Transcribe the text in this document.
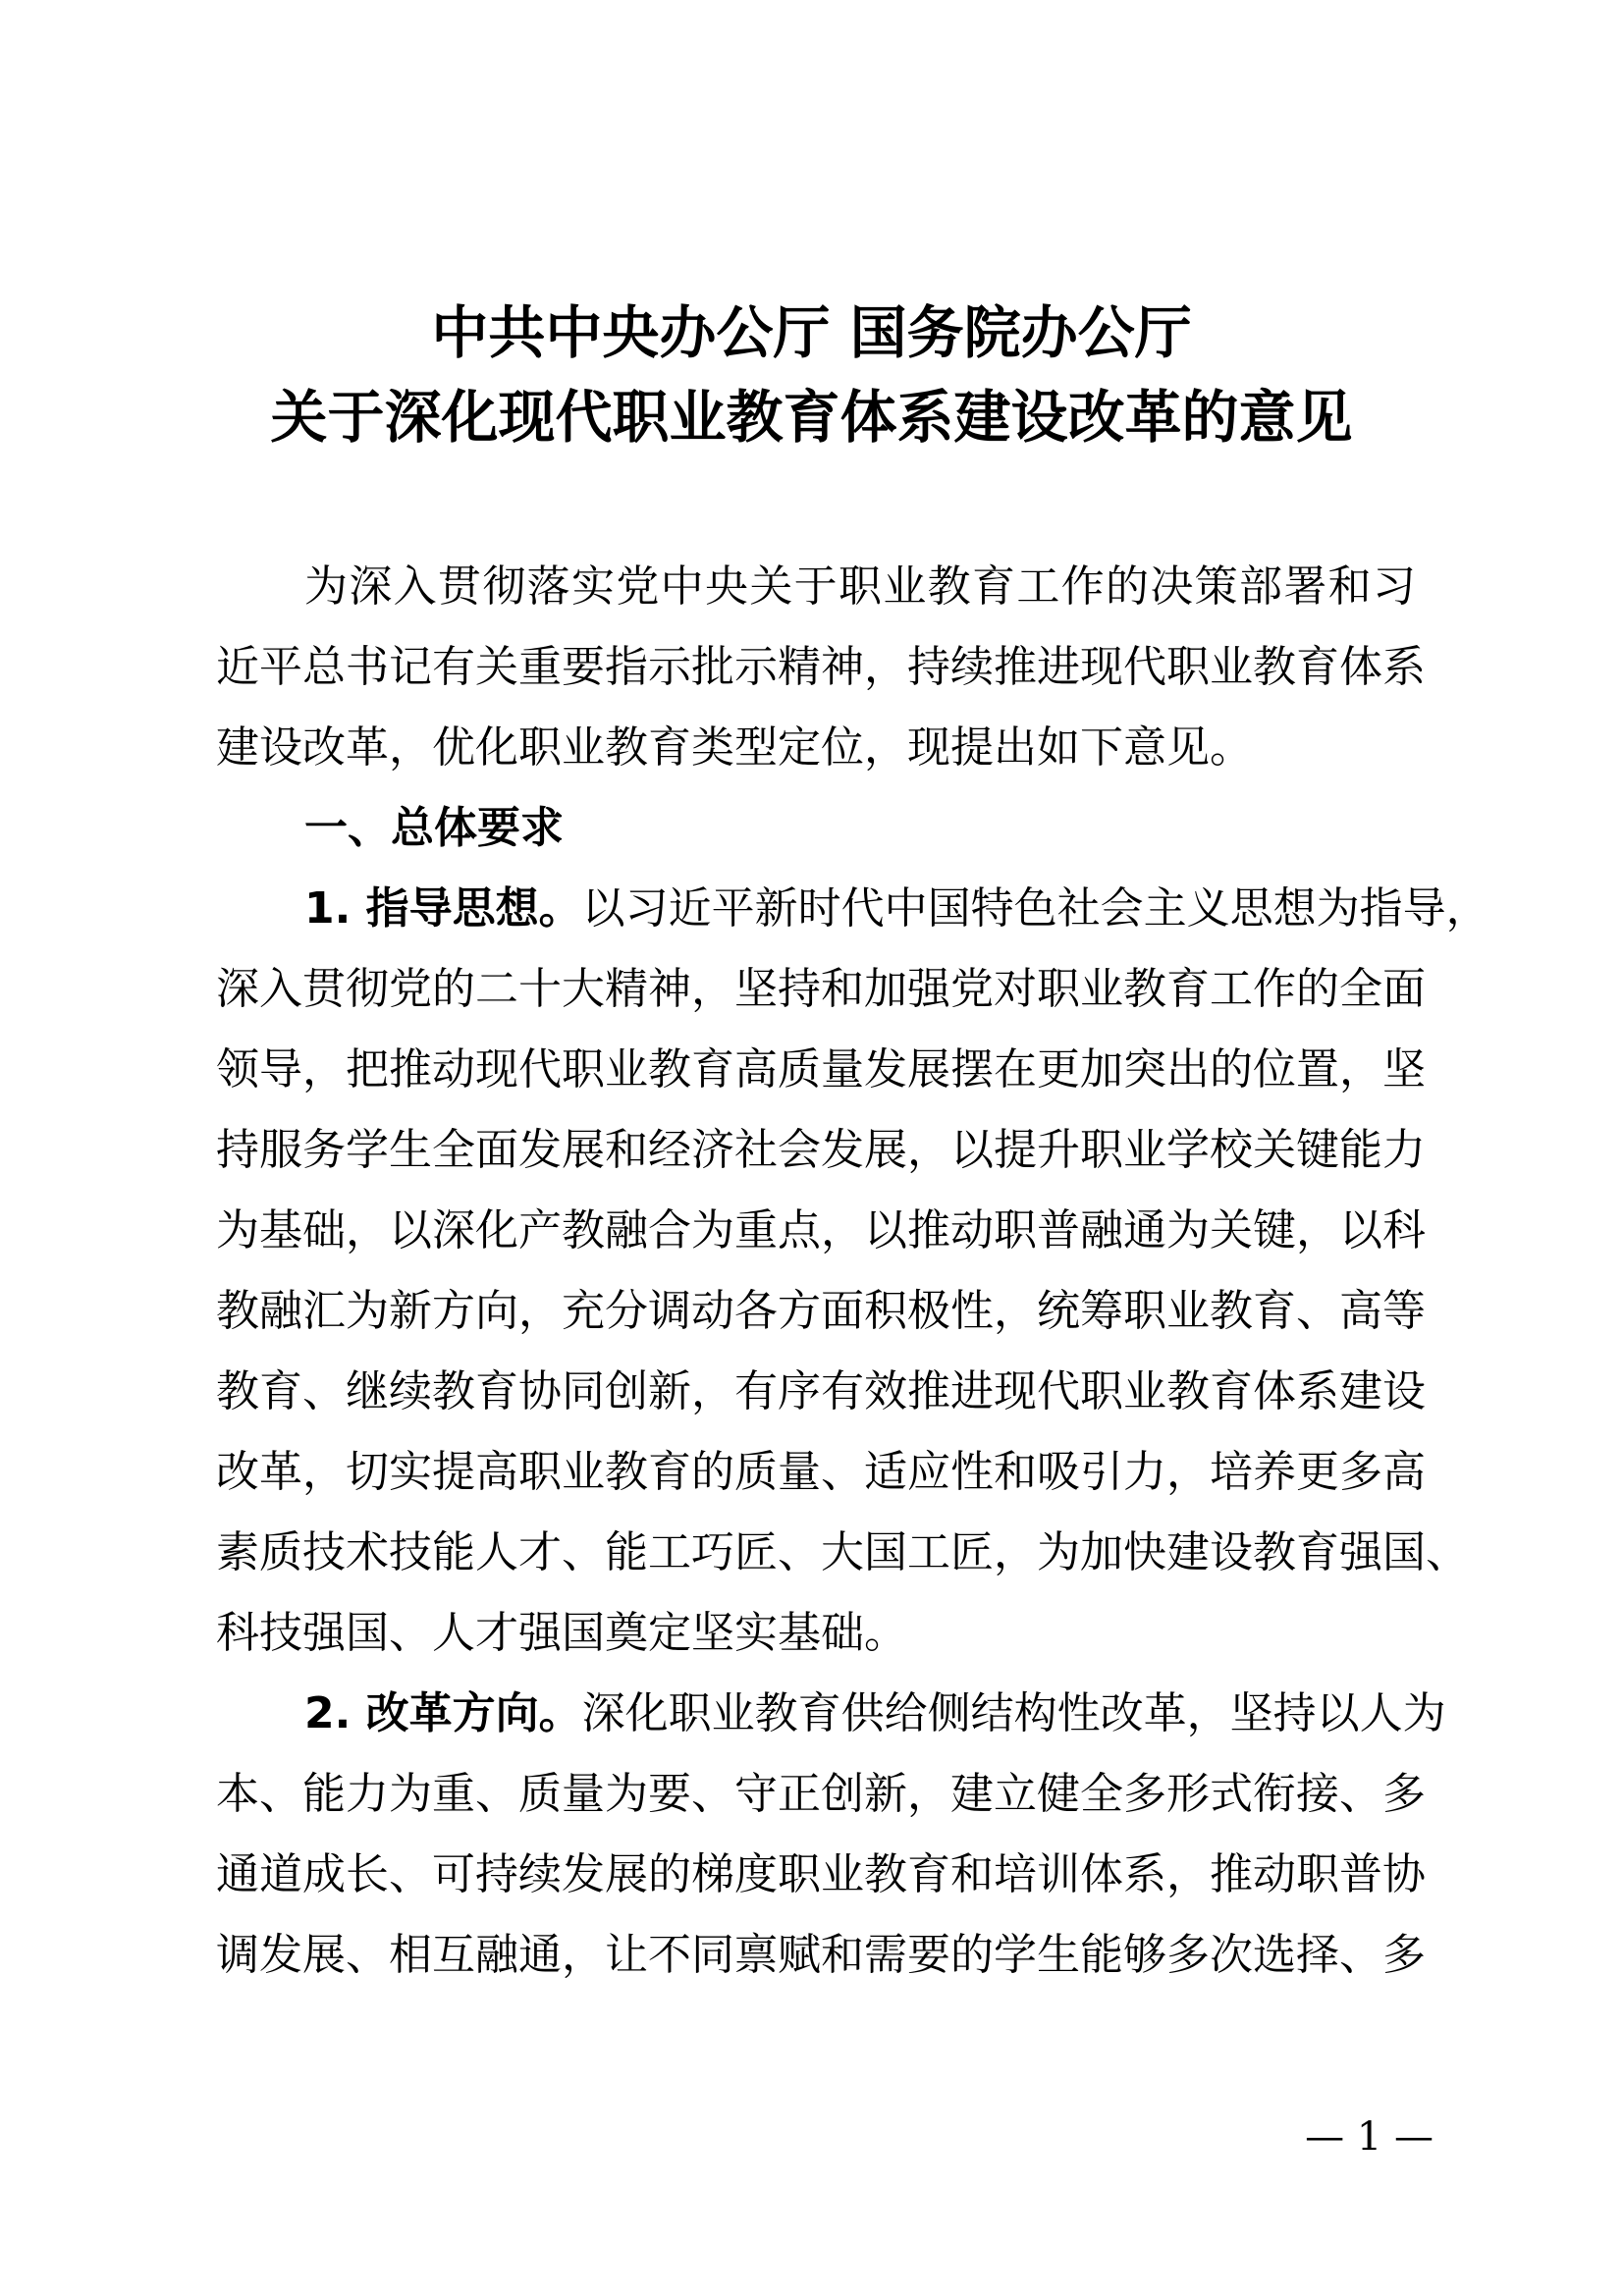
中共中央办公厅 国务院办公厅
关于深化现代职业教育体系建设改革的意见
为深入贯彻落实党中央关于职业教育工作的决策部署和习
近平总书记有关重要指示批示精神，持续推进现代职业教育体系
建设改革，优化职业教育类型定位，现提出如下意见。
一、总体要求
1. 指导思想。以习近平新时代中国特色社会主义思想为指导，
深入贯彻党的二十大精神，坚持和加强党对职业教育工作的全面
领导，把推动现代职业教育高质量发展摆在更加突出的位置，坚
持服务学生全面发展和经济社会发展，以提升职业学校关键能力
为基础，以深化产教融合为重点，以推动职普融通为关键，以科
教融汇为新方向，充分调动各方面积极性，统筹职业教育、高等
教育、继续教育协同创新，有序有效推进现代职业教育体系建设
改革，切实提高职业教育的质量、适应性和吸引力，培养更多高
素质技术技能人才、能工巧匠、大国工匠，为加快建设教育强国、
科技强国、人才强国奠定坚实基础。
2. 改革方向。深化职业教育供给侧结构性改革，坚持以人为
本、能力为重、质量为要、守正创新，建立健全多形式衔接、多
通道成长、可持续发展的梯度职业教育和培训体系，推动职普协
调发展、相互融通，让不同禀赋和需要的学生能够多次选择、多
— 1 —
